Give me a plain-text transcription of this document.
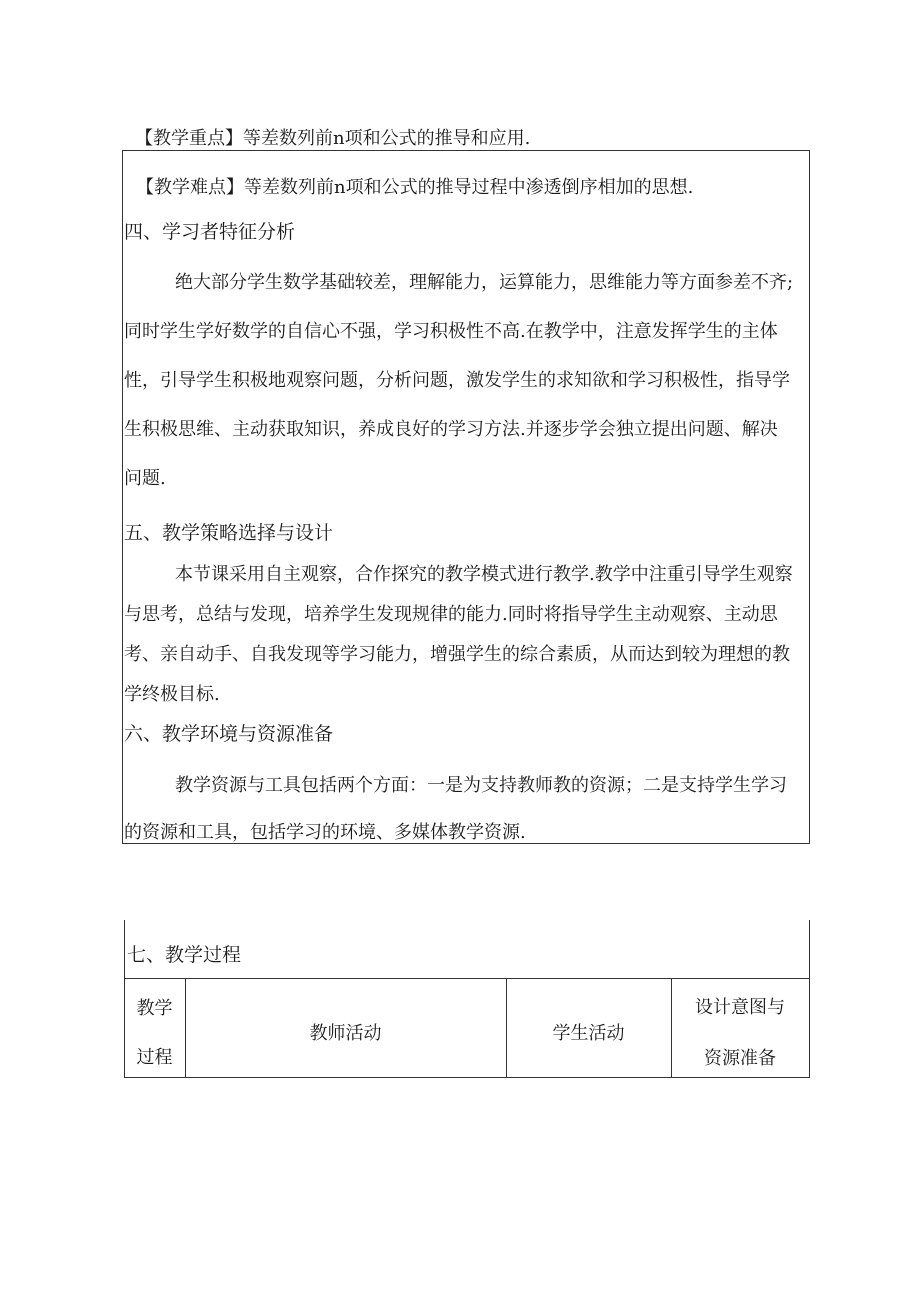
【教学重点】等差数列前n项和公式的推导和应用.
【教学难点】等差数列前n项和公式的推导过程中渗透倒序相加的思想.
四、学习者特征分析
绝大部分学生数学基础较差，理解能力，运算能力，思维能力等方面参差不齐;
同时学生学好数学的自信心不强，学习积极性不高.在教学中，注意发挥学生的主体
性，引导学生积极地观察问题，分析问题，激发学生的求知欲和学习积极性，指导学
生积极思维、主动获取知识，养成良好的学习方法.并逐步学会独立提出问题、解决
问题.
五、教学策略选择与设计
本节课采用自主观察，合作探究的教学模式进行教学.教学中注重引导学生观察
与思考，总结与发现，培养学生发现规律的能力.同时将指导学生主动观察、主动思
考、亲自动手、自我发现等学习能力，增强学生的综合素质，从而达到较为理想的教
学终极目标.
六、教学环境与资源准备
教学资源与工具包括两个方面：一是为支持教师教的资源；二是支持学生学习
的资源和工具，包括学习的环境、多媒体教学资源.
七、教学过程
教学
过程
教师活动	学生活动
设计意图与
资源准备
